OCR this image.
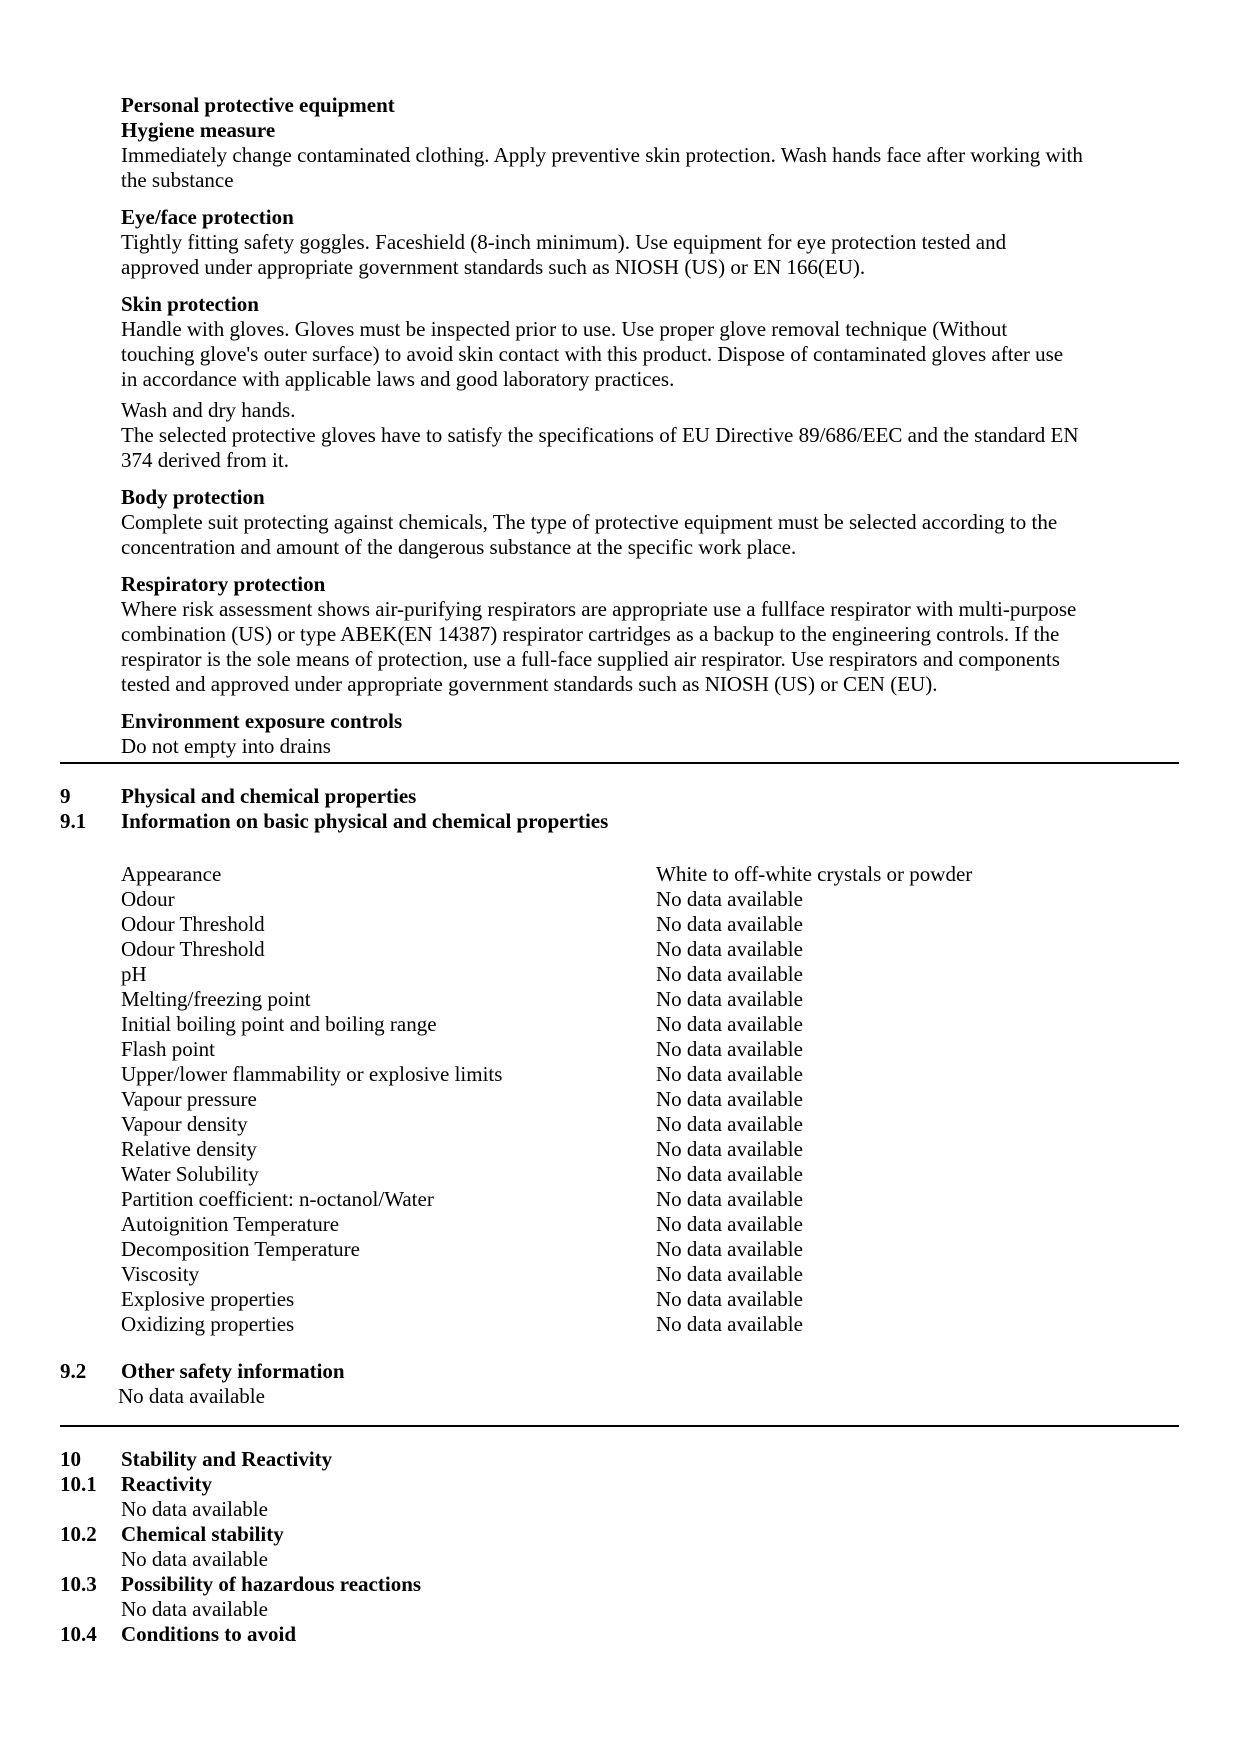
Personal protective equipment

Hygiene measure

Immediately change contaminated clothing. Apply preventive skin protection. Wash hands face after working with

the substance

Eye/face protection

Tightly fitting safety goggles. Faceshield (8-inch minimum). Use equipment for eye protection tested and

approved under appropriate government standards such as NIOSH (US) or EN 166(EU).

Skin protection

Handle with gloves. Gloves must be inspected prior to use. Use proper glove removal technique (Without

touching glove's outer surface) to avoid skin contact with this product. Dispose of contaminated gloves after use

in accordance with applicable laws and good laboratory practices.

Wash and dry hands.

The selected protective gloves have to satisfy the specifications of EU Directive 89/686/EEC and the standard EN

374 derived from it.

Body protection

Complete suit protecting against chemicals, The type of protective equipment must be selected according to the

concentration and amount of the dangerous substance at the specific work place.

Respiratory protection

Where risk assessment shows air-purifying respirators are appropriate use a fullface respirator with multi-purpose

combination (US) or type ABEK(EN 14387) respirator cartridges as a backup to the engineering controls. If the

respirator is the sole means of protection, use a full-face supplied air respirator. Use respirators and components

tested and approved under appropriate government standards such as NIOSH (US) or CEN (EU).

Environment exposure controls

Do not empty into drains

9	Physical and chemical properties
9.1	Information on basic physical and chemical properties
Appearance	White to off-white crystals or powder
Odour	No data available
Odour Threshold	No data available
Odour Threshold	No data available
pH	No data available
Melting/freezing point	No data available
Initial boiling point and boiling range	No data available
Flash point	No data available
Upper/lower flammability or explosive limits	No data available
Vapour pressure	No data available
Vapour density	No data available
Relative density	No data available
Water Solubility	No data available
Partition coefficient: n-octanol/Water	No data available
Autoignition Temperature	No data available
Decomposition Temperature	No data available
Viscosity	No data available
Explosive properties	No data available
Oxidizing properties	No data available
9.2	Other safety information

No data available

10	Stability and Reactivity
10.1	Reactivity

No data available

10.2	Chemical stability

No data available

10.3	Possibility of hazardous reactions

No data available

10.4	Conditions to avoid
